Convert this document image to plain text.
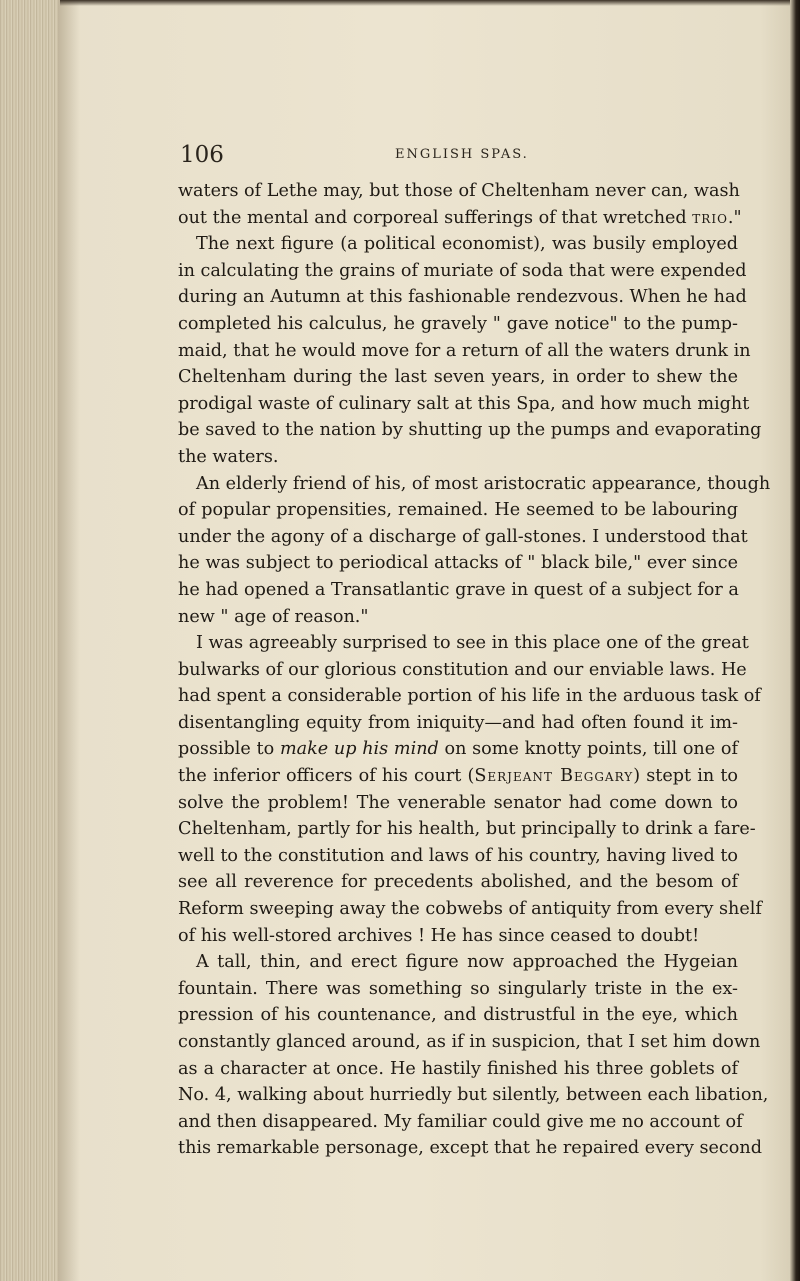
106	ENGLISH SPAS.
waters of Lethe may, but those of Cheltenham never can, wash
out the mental and corporeal sufferings of that wretched trio."
The next figure (a political economist), was busily employed
in calculating the grains of muriate of soda that were expended
during an Autumn at this fashionable rendezvous. When he had
completed his calculus, he gravely " gave notice" to the pump-
maid, that he would move for a return of all the waters drunk in
Cheltenham during the last seven years, in order to shew the
prodigal waste of culinary salt at this Spa, and how much might
be saved to the nation by shutting up the pumps and evaporating
the waters.
An elderly friend of his, of most aristocratic appearance, though
of popular propensities, remained. He seemed to be labouring
under the agony of a discharge of gall-stones. I understood that
he was subject to periodical attacks of " black bile," ever since
he had opened a Transatlantic grave in quest of a subject for a
new " age of reason."
I was agreeably surprised to see in this place one of the great
bulwarks of our glorious constitution and our enviable laws. He
had spent a considerable portion of his life in the arduous task of
disentangling equity from iniquity—and had often found it im-
possible to make up his mind on some knotty points, till one of
the inferior officers of his court (Serjeant Beggary) stept in to
solve the problem! The venerable senator had come down to
Cheltenham, partly for his health, but principally to drink a fare-
well to the constitution and laws of his country, having lived to
see all reverence for precedents abolished, and the besom of
Reform sweeping away the cobwebs of antiquity from every shelf
of his well-stored archives ! He has since ceased to doubt!
A tall, thin, and erect figure now approached the Hygeian
fountain. There was something so singularly triste in the ex-
pression of his countenance, and distrustful in the eye, which
constantly glanced around, as if in suspicion, that I set him down
as a character at once. He hastily finished his three goblets of
No. 4, walking about hurriedly but silently, between each libation,
and then disappeared. My familiar could give me no account of
this remarkable personage, except that he repaired every second
